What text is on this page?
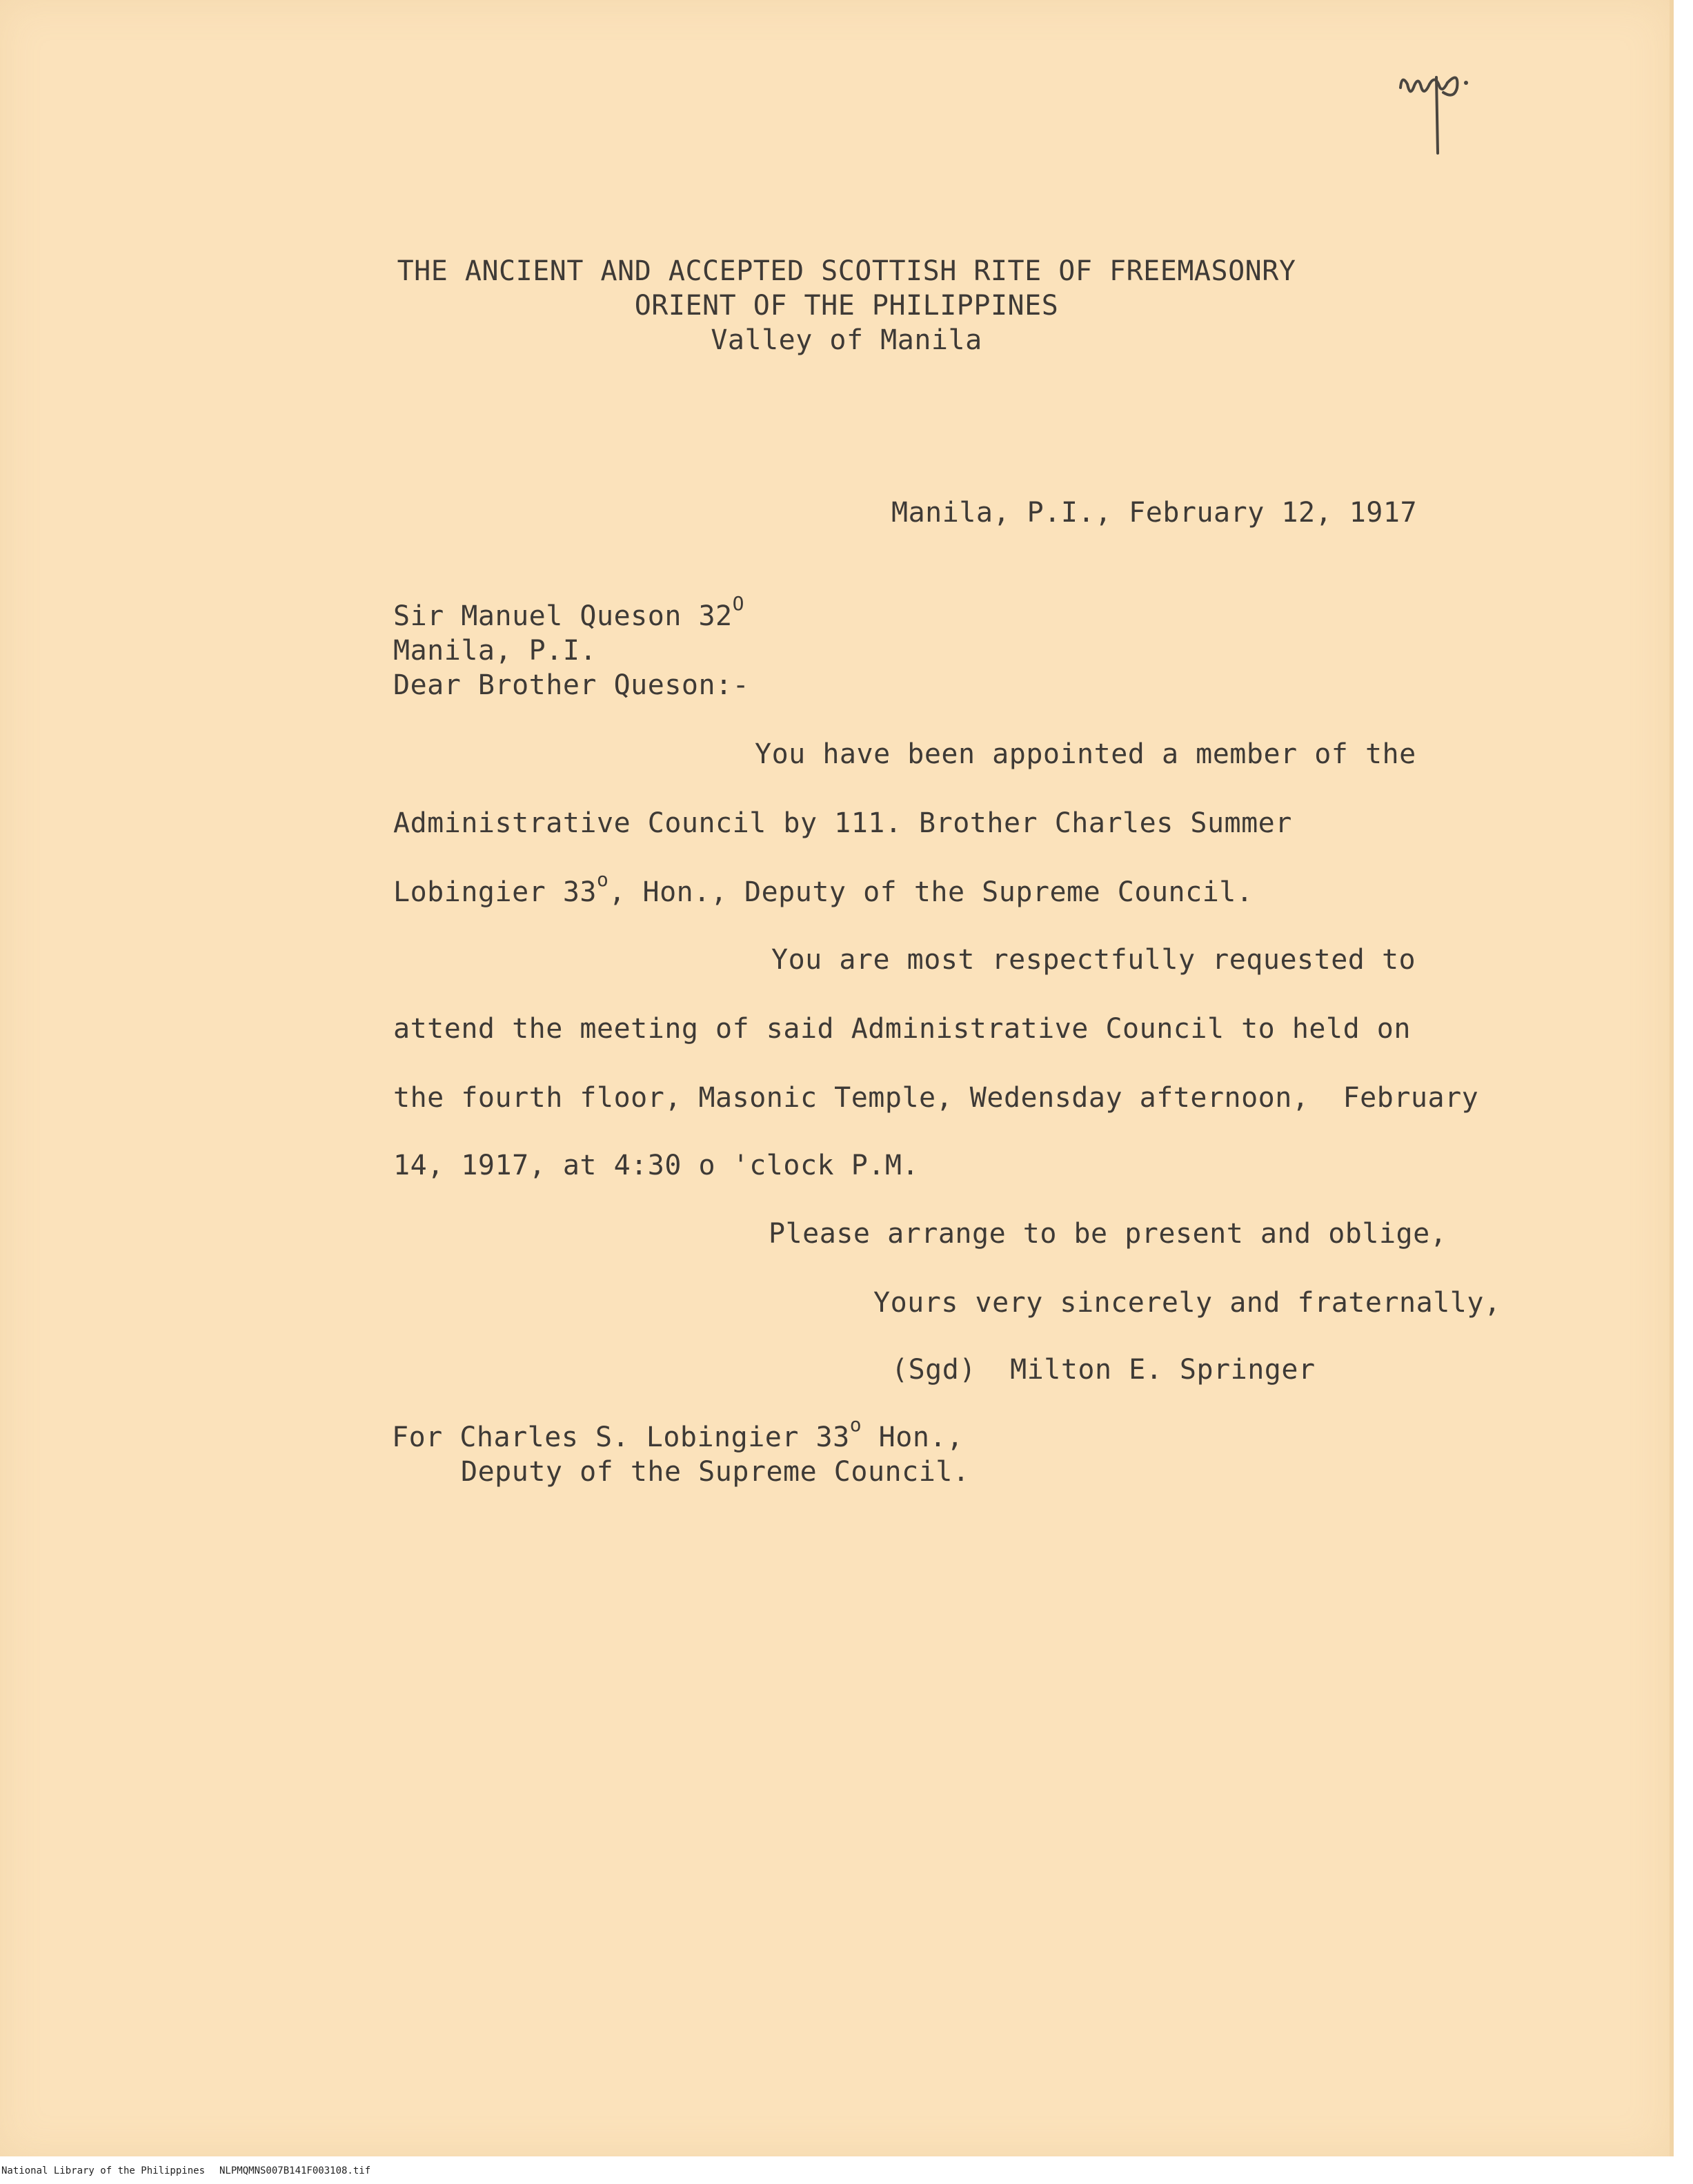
THE ANCIENT AND ACCEPTED SCOTTISH RITE OF FREEMASONRY
ORIENT OF THE PHILIPPINES
Valley of Manila
Manila, P.I., February 12, 1917
Sir Manuel Queson $32^O$
Manila, P.I.
Dear Brother Queson:-
You have been appointed a member of the
Administrative Council by 111. Brother Charles Summer
Lobingier 33$^o$, Hon., Deputy of the Supreme Council.
You are most respectfully requested to
attend the meeting of said Administrative Council to held on
the fourth floor, Masonic Temple, Wedensday afternoon,  February
14, 1917, at 4:30 o 'clock P.M.
Please arrange to be present and oblige,
Yours very sincerely and fraternally,
(Sgd)  Milton E. Springer
For Charles S. Lobingier 33$^o$ Hon.,
Deputy of the Supreme Council.
National Library of the Philippines NLPMQMNS007B141F003108.tif
